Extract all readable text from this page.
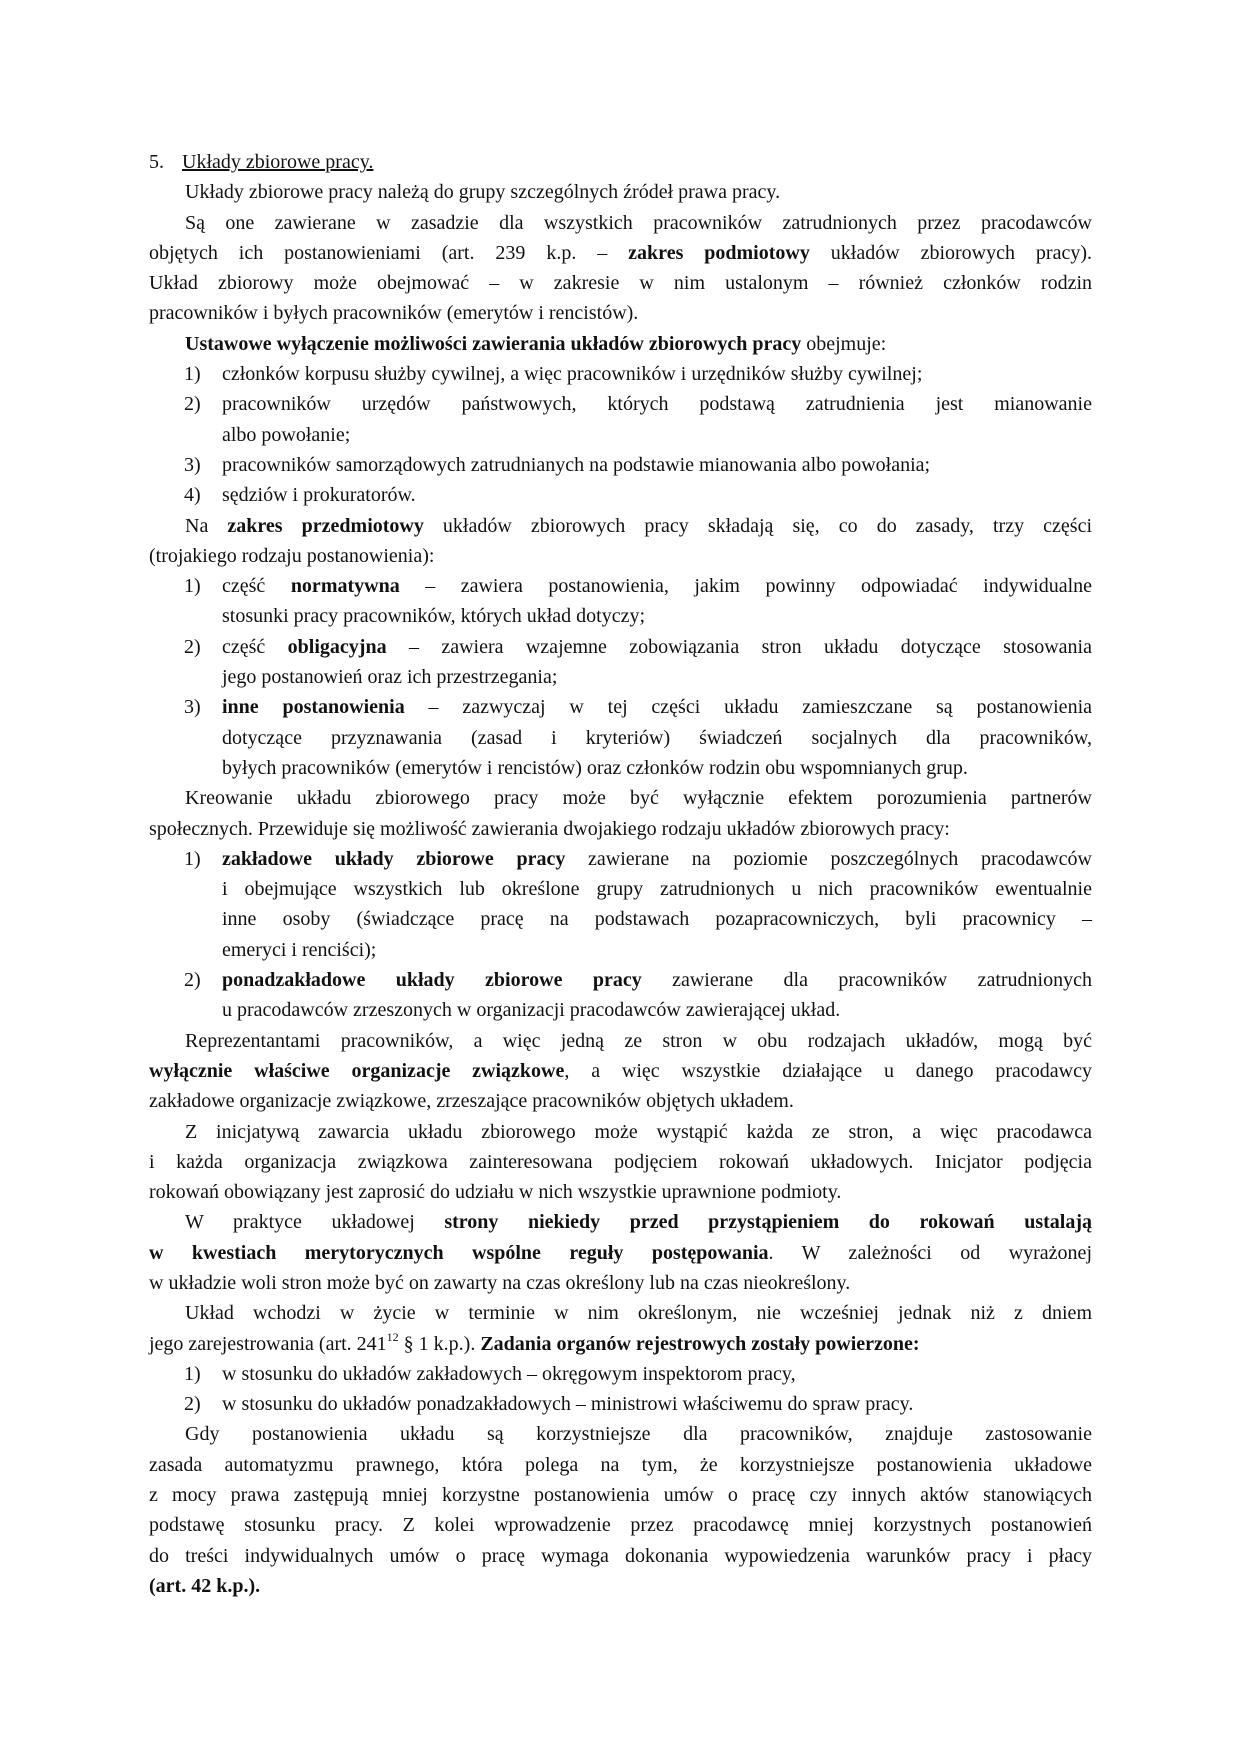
5. Układy zbiorowe pracy.
Układy zbiorowe pracy należą do grupy szczególnych źródeł prawa pracy.
Są one zawierane w zasadzie dla wszystkich pracowników zatrudnionych przez pracodawców
objętych ich postanowieniami (art. 239 k.p. – zakres podmiotowy układów zbiorowych pracy).
Układ zbiorowy może obejmować – w zakresie w nim ustalonym – również członków rodzin
pracowników i byłych pracowników (emerytów i rencistów).
Ustawowe wyłączenie możliwości zawierania układów zbiorowych pracy obejmuje:
1) członków korpusu służby cywilnej, a więc pracowników i urzędników służby cywilnej;
2) pracowników urzędów państwowych, których podstawą zatrudnienia jest mianowanie
albo powołanie;
3) pracowników samorządowych zatrudnianych na podstawie mianowania albo powołania;
4) sędziów i prokuratorów.
Na zakres przedmiotowy układów zbiorowych pracy składają się, co do zasady, trzy części
(trojakiego rodzaju postanowienia):
1) część normatywna – zawiera postanowienia, jakim powinny odpowiadać indywidualne
stosunki pracy pracowników, których układ dotyczy;
2) część obligacyjna – zawiera wzajemne zobowiązania stron układu dotyczące stosowania
jego postanowień oraz ich przestrzegania;
3) inne postanowienia – zazwyczaj w tej części układu zamieszczane są postanowienia
dotyczące przyznawania (zasad i kryteriów) świadczeń socjalnych dla pracowników,
byłych pracowników (emerytów i rencistów) oraz członków rodzin obu wspomnianych grup.
Kreowanie układu zbiorowego pracy może być wyłącznie efektem porozumienia partnerów
społecznych. Przewiduje się możliwość zawierania dwojakiego rodzaju układów zbiorowych pracy:
1) zakładowe układy zbiorowe pracy zawierane na poziomie poszczególnych pracodawców
i obejmujące wszystkich lub określone grupy zatrudnionych u nich pracowników ewentualnie
inne osoby (świadczące pracę na podstawach pozapracowniczych, byli pracownicy –
emeryci i renciści);
2) ponadzakładowe układy zbiorowe pracy zawierane dla pracowników zatrudnionych
u pracodawców zrzeszonych w organizacji pracodawców zawierającej układ.
Reprezentantami pracowników, a więc jedną ze stron w obu rodzajach układów, mogą być
wyłącznie właściwe organizacje związkowe, a więc wszystkie działające u danego pracodawcy
zakładowe organizacje związkowe, zrzeszające pracowników objętych układem.
Z inicjatywą zawarcia układu zbiorowego może wystąpić każda ze stron, a więc pracodawca
i każda organizacja związkowa zainteresowana podjęciem rokowań układowych. Inicjator podjęcia
rokowań obowiązany jest zaprosić do udziału w nich wszystkie uprawnione podmioty.
W praktyce układowej strony niekiedy przed przystąpieniem do rokowań ustalają
w kwestiach merytorycznych wspólne reguły postępowania. W zależności od wyrażonej
w układzie woli stron może być on zawarty na czas określony lub na czas nieokreślony.
Układ wchodzi w życie w terminie w nim określonym, nie wcześniej jednak niż z dniem
jego zarejestrowania (art. $241^{12}$ § 1 k.p.). Zadania organów rejestrowych zostały powierzone:
1) w stosunku do układów zakładowych – okręgowym inspektorom pracy,
2) w stosunku do układów ponadzakładowych – ministrowi właściwemu do spraw pracy.
Gdy postanowienia układu są korzystniejsze dla pracowników, znajduje zastosowanie
zasada automatyzmu prawnego, która polega na tym, że korzystniejsze postanowienia układowe
z mocy prawa zastępują mniej korzystne postanowienia umów o pracę czy innych aktów stanowiących
podstawę stosunku pracy. Z kolei wprowadzenie przez pracodawcę mniej korzystnych postanowień
do treści indywidualnych umów o pracę wymaga dokonania wypowiedzenia warunków pracy i płacy
(art. 42 k.p.).
